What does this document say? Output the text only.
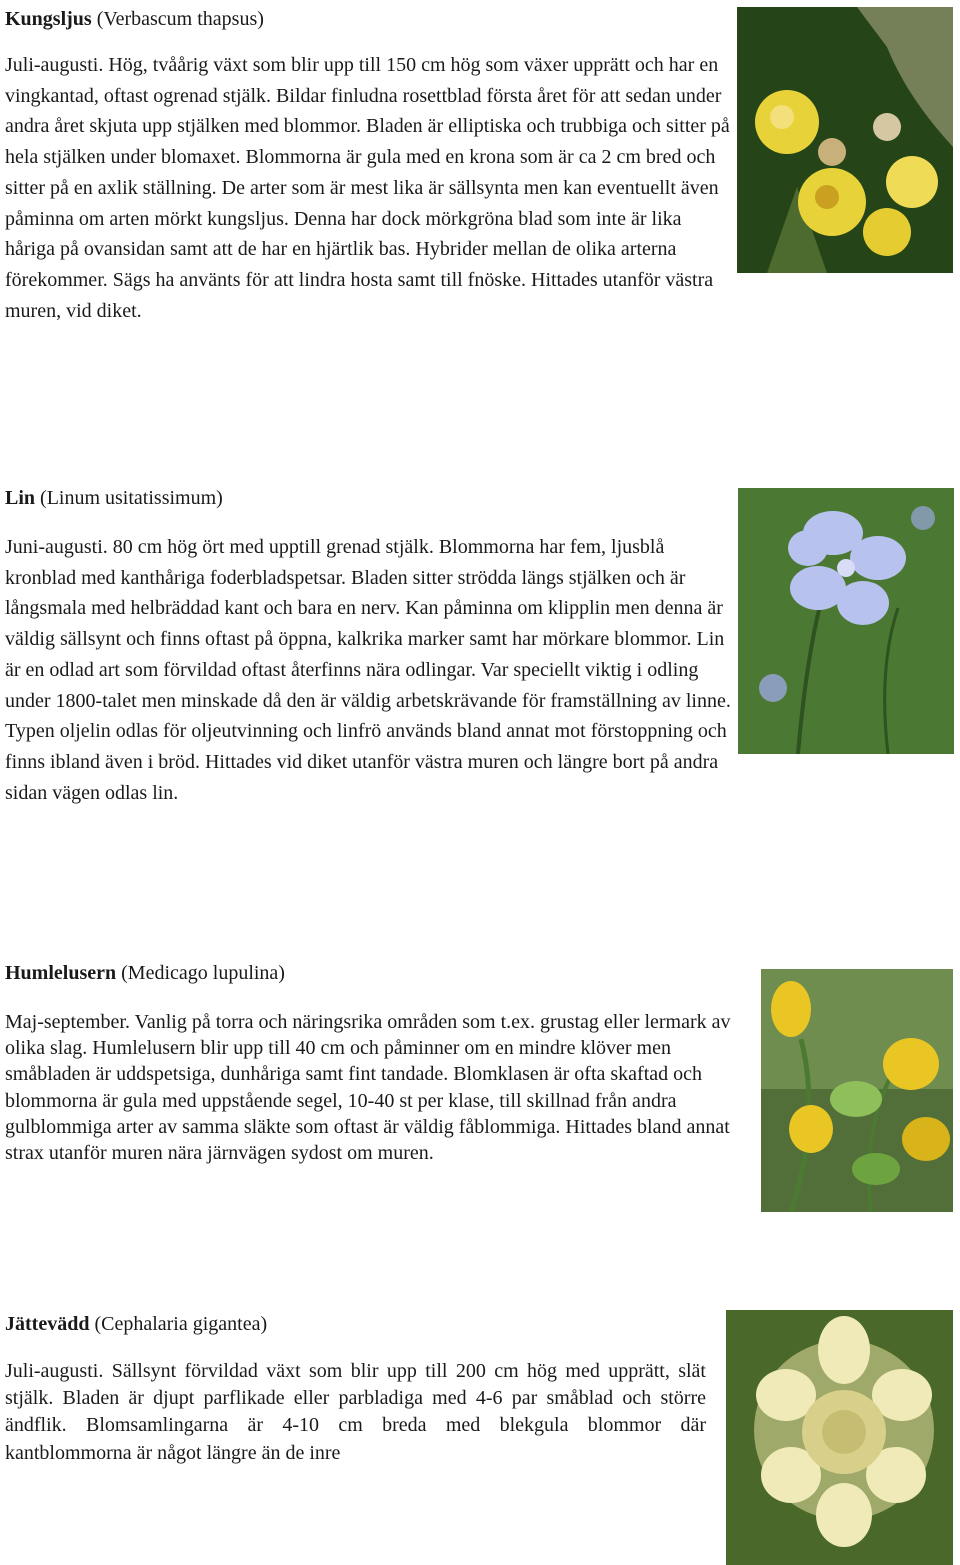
Kungsljus (Verbascum thapsus)

Juli-augusti. Hög, tvåårig växt som blir upp till 150 cm hög som växer upprätt och har en vingkantad, oftast ogrenad stjälk. Bildar finludna rosettblad första året för att sedan under andra året skjuta upp stjälken med blommor. Bladen är elliptiska och trubbiga och sitter på hela stjälken under blomaxet. Blommorna är gula med en krona som är ca 2 cm bred och sitter på en axlik ställning. De arter som är mest lika är sällsynta men kan eventuellt även påminna om arten mörkt kungsljus. Denna har dock mörkgröna blad som inte är lika håriga på ovansidan samt att de har en hjärtlik bas. Hybrider mellan de olika arterna förekommer. Sägs ha använts för att lindra hosta samt till fnöske. Hittades utanför västra muren, vid diket.

Lin (Linum usitatissimum)

Juni-augusti. 80 cm hög ört med upptill grenad stjälk. Blommorna har fem, ljusblå kronblad med kanthåriga foderbladspetsar. Bladen sitter strödda längs stjälken och är långsmala med helbräddad kant och bara en nerv. Kan påminna om klipplin men denna är väldig sällsynt och finns oftast på öppna, kalkrika marker samt har mörkare blommor. Lin är en odlad art som förvildad oftast återfinns nära odlingar. Var speciellt viktig i odling under 1800-talet men minskade då den är väldig arbetskrävande för framställning av linne. Typen oljelin odlas för oljeutvinning och linfrö används bland annat mot förstoppning och finns ibland även i bröd. Hittades vid diket utanför västra muren och längre bort på andra sidan vägen odlas lin.

Humlelusern (Medicago lupulina)

Maj-september. Vanlig på torra och näringsrika områden som t.ex. grustag eller lermark av olika slag. Humlelusern blir upp till 40 cm och påminner om en mindre klöver men småbladen är uddspetsiga, dunhåriga samt fint tandade. Blomklasen är ofta skaftad och blommorna är gula med uppstående segel, 10-40 st per klase, till skillnad från andra gulblommiga arter av samma släkte som oftast är väldig fåblommiga. Hittades bland annat strax utanför muren nära järnvägen sydost om muren.

Jättevädd (Cephalaria gigantea)

Juli-augusti. Sällsynt förvildad växt som blir upp till 200 cm hög med upprätt, slät stjälk. Bladen är djupt parflikade eller parbladiga med 4-6 par småblad och större ändflik. Blomsamlingarna är 4-10 cm breda med blekgula blommor där kantblommorna är något längre än de inre
